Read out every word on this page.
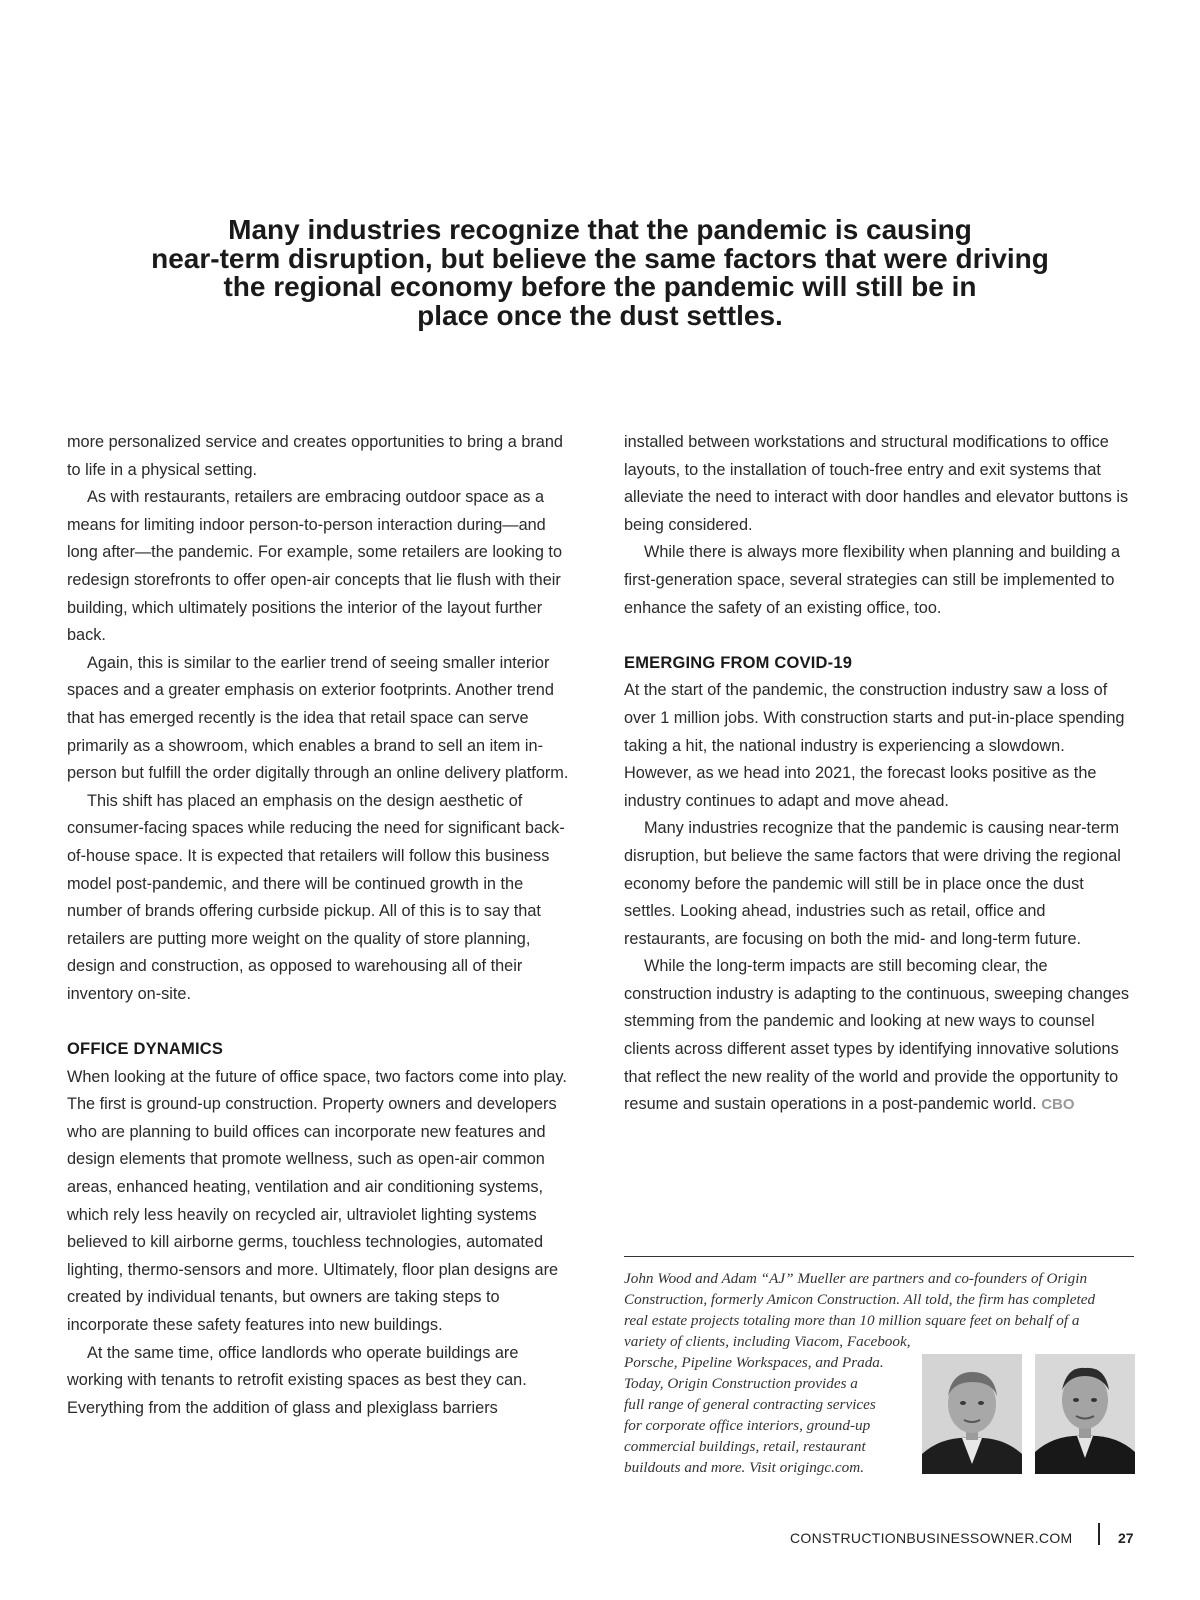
Many industries recognize that the pandemic is causing
near-term disruption, but believe the same factors that were driving
the regional economy before the pandemic will still be in
place once the dust settles.

more personalized service and creates opportunities to bring a brand to life in a physical setting.

As with restaurants, retailers are embracing outdoor space as a means for limiting indoor person-to-person interaction during—and long after—the pandemic. For example, some retailers are looking to redesign storefronts to offer open-air concepts that lie flush with their building, which ultimately positions the interior of the layout further back.

Again, this is similar to the earlier trend of seeing smaller interior spaces and a greater emphasis on exterior footprints. Another trend that has emerged recently is the idea that retail space can serve primarily as a showroom, which enables a brand to sell an item in-person but fulfill the order digitally through an online delivery platform.

This shift has placed an emphasis on the design aesthetic of consumer-facing spaces while reducing the need for significant back-of-house space. It is expected that retailers will follow this business model post-pandemic, and there will be continued growth in the number of brands offering curbside pickup. All of this is to say that retailers are putting more weight on the quality of store planning, design and construction, as opposed to warehousing all of their inventory on-site.

OFFICE DYNAMICS

When looking at the future of office space, two factors come into play. The first is ground-up construction. Property owners and developers who are planning to build offices can incorporate new features and design elements that promote wellness, such as open-air common areas, enhanced heating, ventilation and air conditioning systems, which rely less heavily on recycled air, ultraviolet lighting systems believed to kill airborne germs, touchless technologies, automated lighting, thermo-sensors and more. Ultimately, floor plan designs are created by individual tenants, but owners are taking steps to incorporate these safety features into new buildings.

At the same time, office landlords who operate buildings are working with tenants to retrofit existing spaces as best they can. Everything from the addition of glass and plexiglass barriers

installed between workstations and structural modifications to office layouts, to the installation of touch-free entry and exit systems that alleviate the need to interact with door handles and elevator buttons is being considered.

While there is always more flexibility when planning and building a first-generation space, several strategies can still be implemented to enhance the safety of an existing office, too.

EMERGING FROM COVID-19

At the start of the pandemic, the construction industry saw a loss of over 1 million jobs. With construction starts and put-in-place spending taking a hit, the national industry is experiencing a slowdown. However, as we head into 2021, the forecast looks positive as the industry continues to adapt and move ahead.

Many industries recognize that the pandemic is causing near-term disruption, but believe the same factors that were driving the regional economy before the pandemic will still be in place once the dust settles. Looking ahead, industries such as retail, office and restaurants, are focusing on both the mid- and long-term future.

While the long-term impacts are still becoming clear, the construction industry is adapting to the continuous, sweeping changes stemming from the pandemic and looking at new ways to counsel clients across different asset types by identifying innovative solutions that reflect the new reality of the world and provide the opportunity to resume and sustain operations in a post-pandemic world. CBO

John Wood and Adam “AJ” Mueller are partners and co-founders of Origin
Construction, formerly Amicon Construction. All told, the firm has completed
real estate projects totaling more than 10 million square feet on behalf of a
variety of clients, including Viacom, Facebook,
Porsche, Pipeline Workspaces, and Prada.
Today, Origin Construction provides a
full range of general contracting services
for corporate office interiors, ground-up
commercial buildings, retail, restaurant
buildouts and more. Visit origingc.com.
CONSTRUCTIONBUSINESSOWNER.COM	27
